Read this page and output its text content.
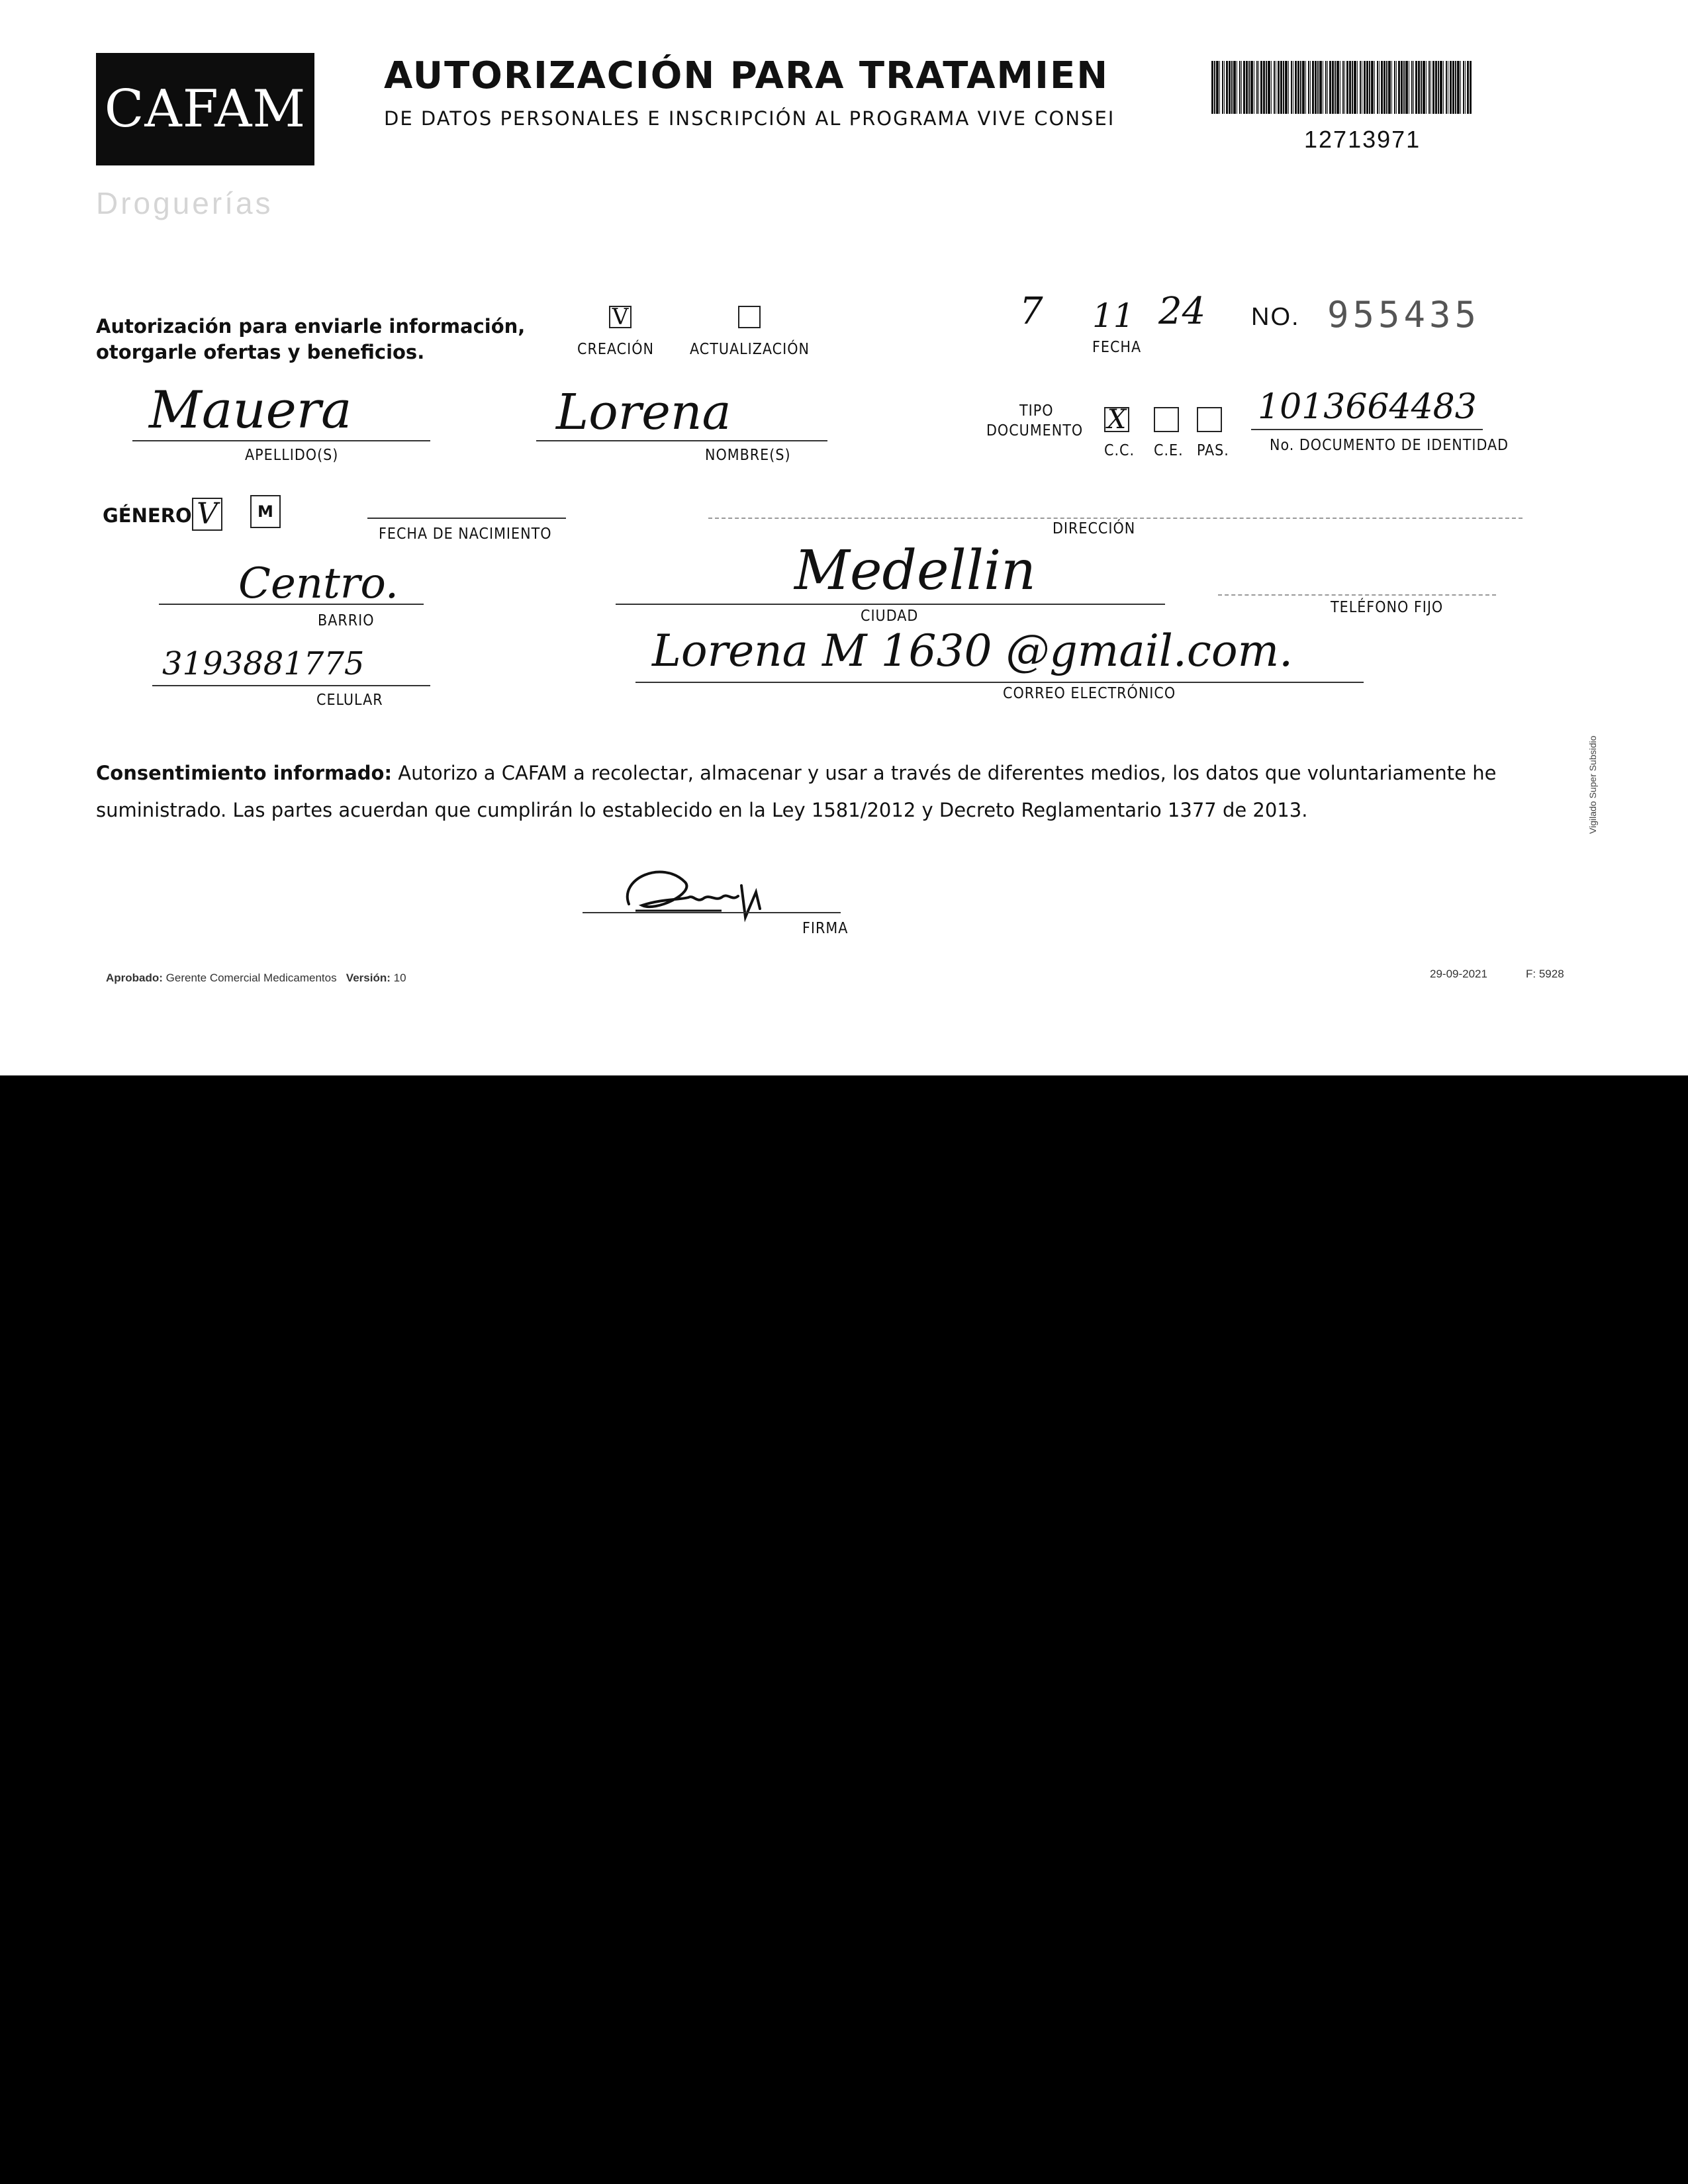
CAFAM
AUTORIZACIÓN PARA TRATAMIEN
DE DATOS PERSONALES E INSCRIPCIÓN AL PROGRAMA VIVE CONSEI
12713971
Droguerías
Autorización para enviarle información,
otorgarle ofertas y beneficios.
V
CREACIÓN ACTUALIZACIÓN
7 11 24
FECHA
NO. 955435
Mauera
APELLIDO(S)
Lorena
NOMBRE(S)
TIPO
DOCUMENTO X
C.C. C.E. PAS.
1013664483
No. DOCUMENTO DE IDENTIDAD
GÉNERO V	M
FECHA DE NACIMIENTO	DIRECCIÓN
Centro.
BARRIO
Medellin
CIUDAD	TELÉFONO FIJO
3193881775
CELULAR
Lorena M 1630 @gmail.com.
CORREO ELECTRÓNICO
Consentimiento informado: Autorizo a CAFAM a recolectar, almacenar y usar a través de diferentes medios, los datos que voluntariamente he suministrado. Las partes acuerdan que cumplirán lo establecido en la Ley 1581/2012 y Decreto Reglamentario 1377 de 2013.
FIRMA
Aprobado: Gerente Comercial Medicamentos Versión: 10	29-09-2021	F: 5928
Vigilado Super Subsidio
